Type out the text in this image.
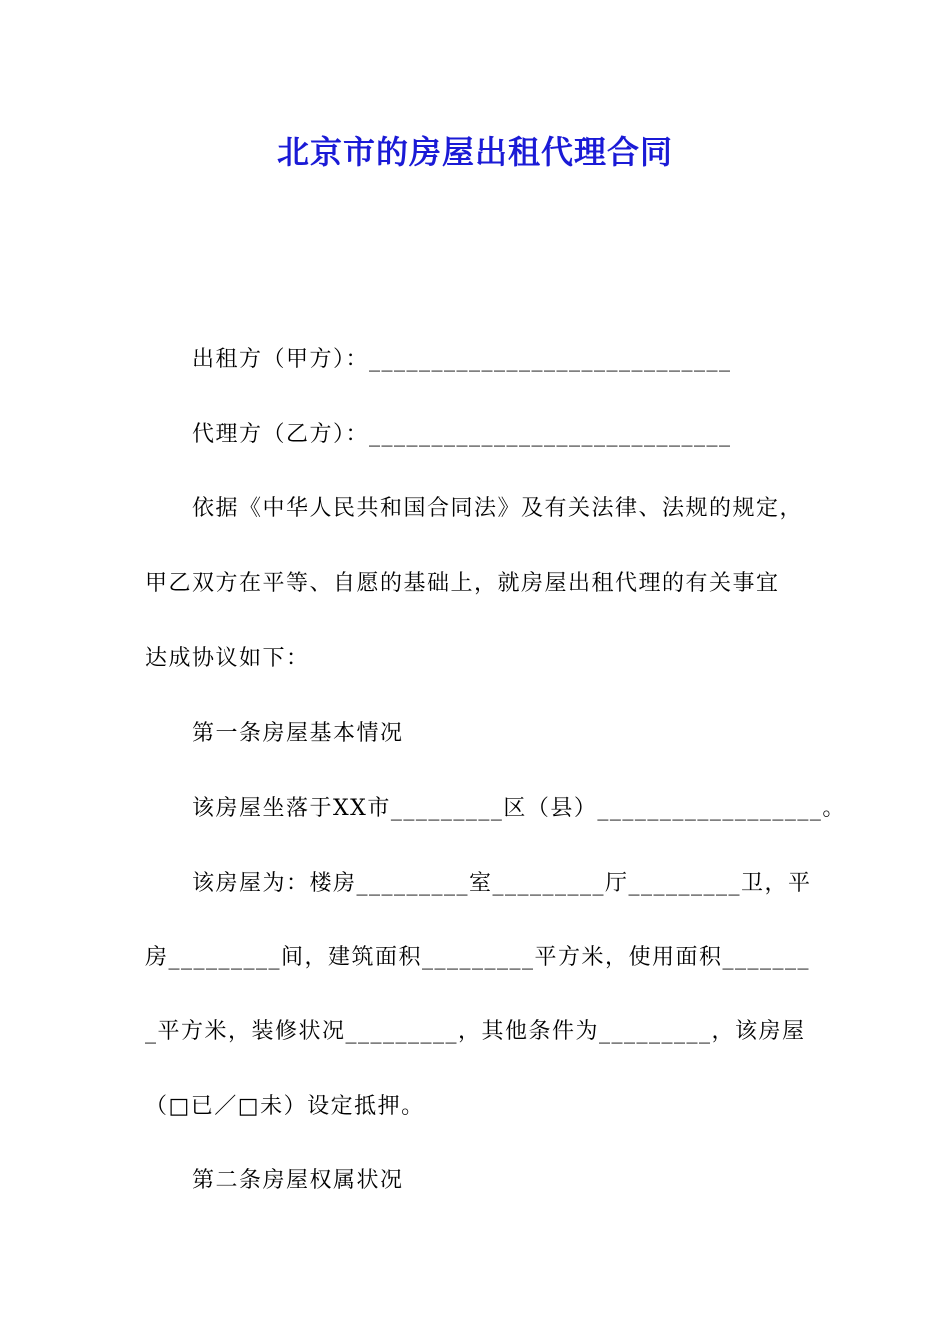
北京市的房屋出租代理合同
出租方（甲方）：_____________________________
代理方（乙方）：_____________________________
依据《中华人民共和国合同法》及有关法律、法规的规定，
甲乙双方在平等、自愿的基础上，就房屋出租代理的有关事宜
达成协议如下：
第一条房屋基本情况
该房屋坐落于XX市_________区（县）__________________。
该房屋为：楼房_________室_________厅_________卫，平
房_________间，建筑面积_________平方米，使用面积_______
_平方米，装修状况_________，其他条件为_________，该房屋
（□已／□未）设定抵押。
第二条房屋权属状况
